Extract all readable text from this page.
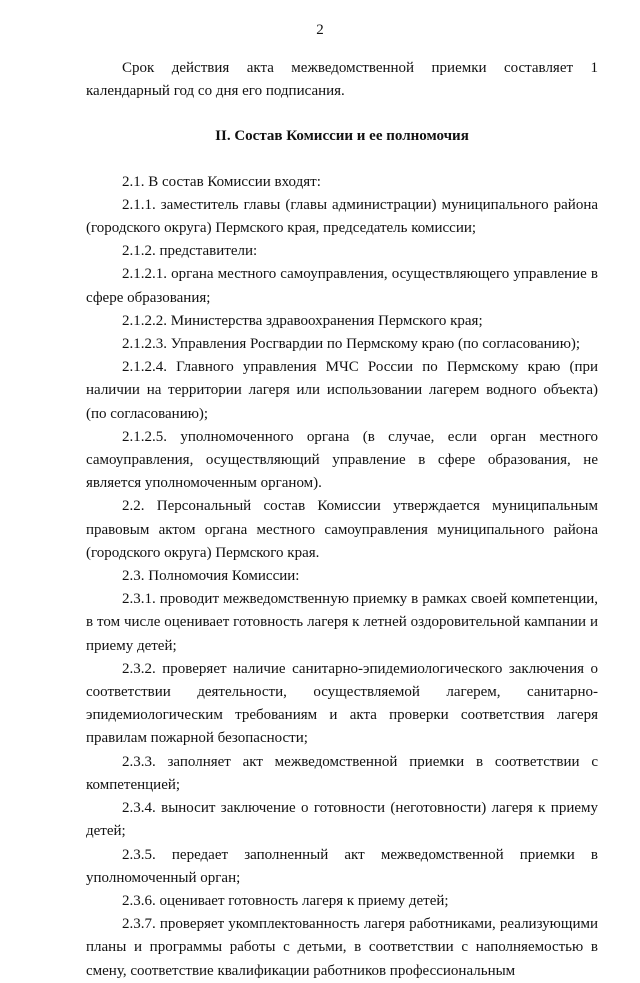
2

Срок действия акта межведомственной приемки составляет 1 календарный год со дня его подписания.

II. Состав Комиссии и ее полномочия

2.1. В состав Комиссии входят:

2.1.1. заместитель главы (главы администрации) муниципального района (городского округа) Пермского края, председатель комиссии;

2.1.2. представители:

2.1.2.1. органа местного самоуправления, осуществляющего управление в сфере образования;

2.1.2.2. Министерства здравоохранения Пермского края;

2.1.2.3. Управления Росгвардии по Пермскому краю (по согласованию);

2.1.2.4. Главного управления МЧС России по Пермскому краю (при наличии на территории лагеря или использовании лагерем водного объекта) (по согласованию);

2.1.2.5. уполномоченного органа (в случае, если орган местного самоуправления, осуществляющий управление в сфере образования, не является уполномоченным органом).

2.2. Персональный состав Комиссии утверждается муниципальным правовым актом органа местного самоуправления муниципального района (городского округа) Пермского края.

2.3. Полномочия Комиссии:

2.3.1. проводит межведомственную приемку в рамках своей компетенции, в том числе оценивает готовность лагеря к летней оздоровительной кампании и приему детей;

2.3.2. проверяет наличие санитарно-эпидемиологического заключения о соответствии деятельности, осуществляемой лагерем, санитарно-эпидемиологическим требованиям и акта проверки соответствия лагеря правилам пожарной безопасности;

2.3.3. заполняет акт межведомственной приемки в соответствии с компетенцией;

2.3.4. выносит заключение о готовности (неготовности) лагеря к приему детей;

2.3.5. передает заполненный акт межведомственной приемки в уполномоченный орган;

2.3.6. оценивает готовность лагеря к приему детей;

2.3.7. проверяет укомплектованность лагеря работниками, реализующими планы и программы работы с детьми, в соответствии с наполняемостью в смену, соответствие квалификации работников профессиональным
